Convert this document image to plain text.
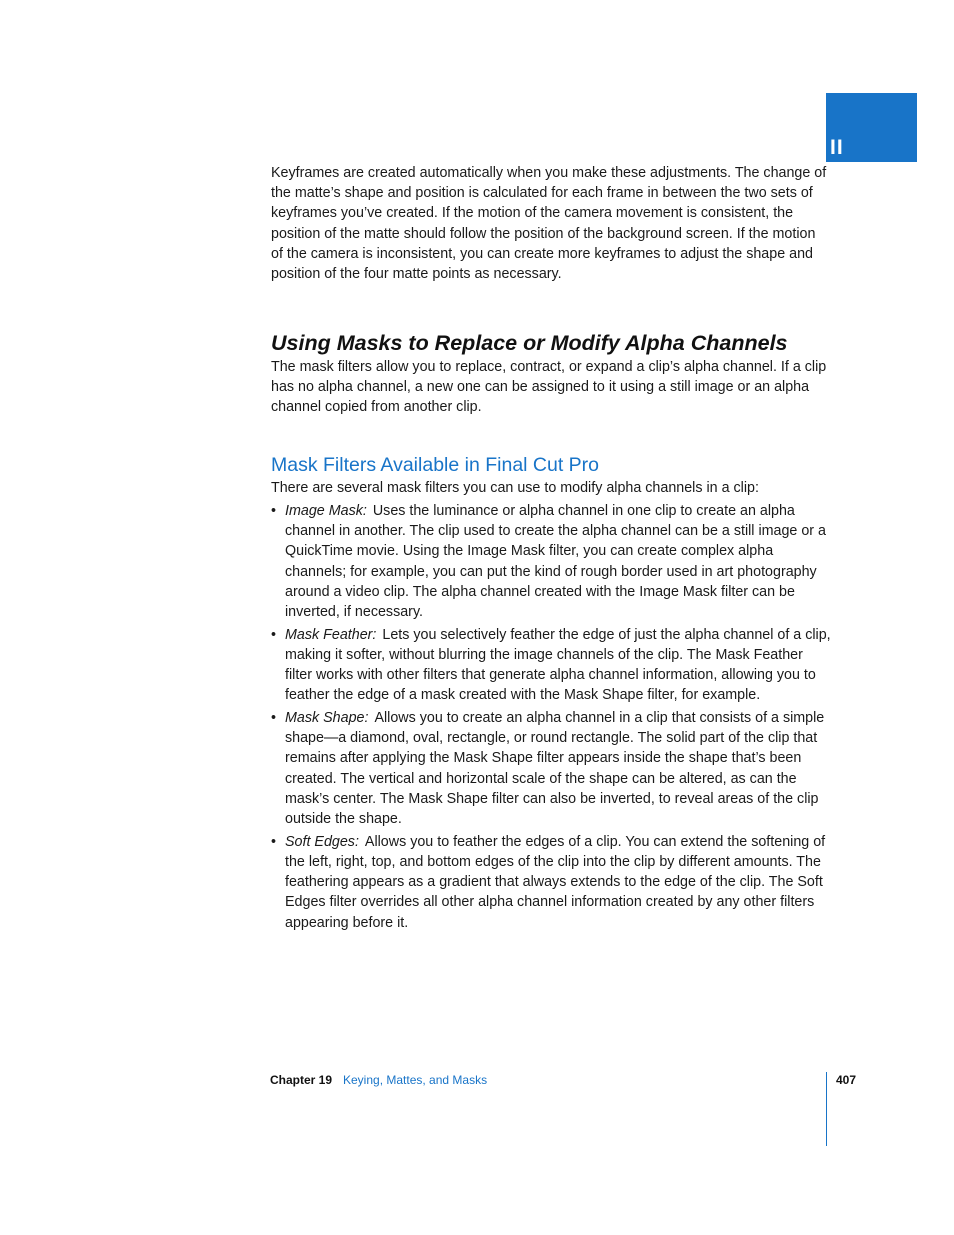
II

Keyframes are created automatically when you make these adjustments. The change of the matte’s shape and position is calculated for each frame in between the two sets of keyframes you’ve created. If the motion of the camera movement is consistent, the position of the matte should follow the position of the background screen. If the motion of the camera is inconsistent, you can create more keyframes to adjust the shape and position of the four matte points as necessary.

Using Masks to Replace or Modify Alpha Channels

The mask filters allow you to replace, contract, or expand a clip’s alpha channel. If a clip has no alpha channel, a new one can be assigned to it using a still image or an alpha channel copied from another clip.

Mask Filters Available in Final Cut Pro

There are several mask filters you can use to modify alpha channels in a clip:

• Image Mask: Uses the luminance or alpha channel in one clip to create an alpha channel in another. The clip used to create the alpha channel can be a still image or a QuickTime movie. Using the Image Mask filter, you can create complex alpha channels; for example, you can put the kind of rough border used in art photography around a video clip. The alpha channel created with the Image Mask filter can be inverted, if necessary.
• Mask Feather: Lets you selectively feather the edge of just the alpha channel of a clip, making it softer, without blurring the image channels of the clip. The Mask Feather filter works with other filters that generate alpha channel information, allowing you to feather the edge of a mask created with the Mask Shape filter, for example.
• Mask Shape: Allows you to create an alpha channel in a clip that consists of a simple shape—a diamond, oval, rectangle, or round rectangle. The solid part of the clip that remains after applying the Mask Shape filter appears inside the shape that’s been created. The vertical and horizontal scale of the shape can be altered, as can the mask’s center. The Mask Shape filter can also be inverted, to reveal areas of the clip outside the shape.
• Soft Edges: Allows you to feather the edges of a clip. You can extend the softening of the left, right, top, and bottom edges of the clip into the clip by different amounts. The feathering appears as a gradient that always extends to the edge of the clip. The Soft Edges filter overrides all other alpha channel information created by any other filters appearing before it.
Chapter 19 Keying, Mattes, and Masks	407
